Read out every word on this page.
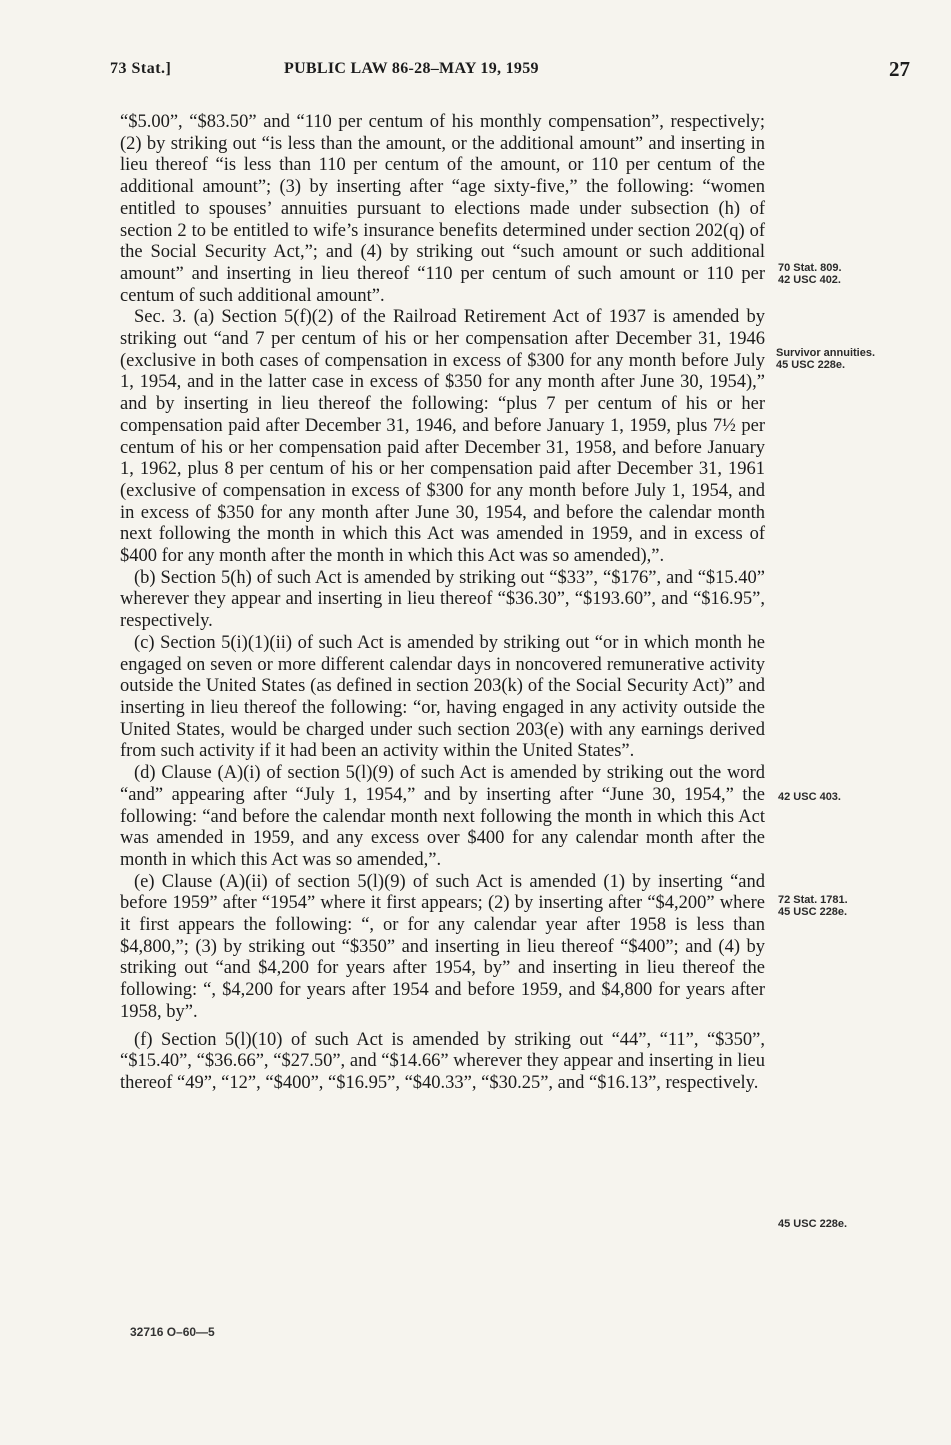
73 Stat.]	PUBLIC LAW 86-28–MAY 19, 1959	27

“$5.00”, “$83.50” and “110 per centum of his monthly compensation”, respectively; (2) by striking out “is less than the amount, or the additional amount” and inserting in lieu thereof “is less than 110 per centum of the amount, or 110 per centum of the additional amount”; (3) by inserting after “age sixty-five,” the following: “women entitled to spouses’ annuities pursuant to elections made under subsection (h) of section 2 to be entitled to wife’s insurance benefits determined under section 202(q) of the Social Security Act,”; and (4) by striking out “such amount or such additional amount” and inserting in lieu thereof “110 per centum of such amount or 110 per centum of such additional amount”.

Sec. 3. (a) Section 5(f)(2) of the Railroad Retirement Act of 1937 is amended by striking out “and 7 per centum of his or her compensation after December 31, 1946 (exclusive in both cases of compensation in excess of $300 for any month before July 1, 1954, and in the latter case in excess of $350 for any month after June 30, 1954),” and by inserting in lieu thereof the following: “plus 7 per centum of his or her compensation paid after December 31, 1946, and before January 1, 1959, plus 7½ per centum of his or her compensation paid after December 31, 1958, and before January 1, 1962, plus 8 per centum of his or her compensation paid after December 31, 1961 (exclusive of compensation in excess of $300 for any month before July 1, 1954, and in excess of $350 for any month after June 30, 1954, and before the calendar month next following the month in which this Act was amended in 1959, and in excess of $400 for any month after the month in which this Act was so amended),”.

(b) Section 5(h) of such Act is amended by striking out “$33”, “$176”, and “$15.40” wherever they appear and inserting in lieu thereof “$36.30”, “$193.60”, and “$16.95”, respectively.

(c) Section 5(i)(1)(ii) of such Act is amended by striking out “or in which month he engaged on seven or more different calendar days in noncovered remunerative activity outside the United States (as defined in section 203(k) of the Social Security Act)” and inserting in lieu thereof the following: “or, having engaged in any activity outside the United States, would be charged under such section 203(e) with any earnings derived from such activity if it had been an activity within the United States”.

(d) Clause (A)(i) of section 5(l)(9) of such Act is amended by striking out the word “and” appearing after “July 1, 1954,” and by inserting after “June 30, 1954,” the following: “and before the calendar month next following the month in which this Act was amended in 1959, and any excess over $400 for any calendar month after the month in which this Act was so amended,”.

(e) Clause (A)(ii) of section 5(l)(9) of such Act is amended (1) by inserting “and before 1959” after “1954” where it first appears; (2) by inserting after “$4,200” where it first appears the following: “, or for any calendar year after 1958 is less than $4,800,”; (3) by striking out “$350” and inserting in lieu thereof “$400”; and (4) by striking out “and $4,200 for years after 1954, by” and inserting in lieu thereof the following: “, $4,200 for years after 1954 and before 1959, and $4,800 for years after 1958, by”.

(f) Section 5(l)(10) of such Act is amended by striking out “44”, “11”, “$350”, “$15.40”, “$36.66”, “$27.50”, and “$14.66” wherever they appear and inserting in lieu thereof “49”, “12”, “$400”, “$16.95”, “$40.33”, “$30.25”, and “$16.13”, respectively.

70 Stat. 809.
42 USC 402.
Survivor annuities.
45 USC 228e.
42 USC 403.
72 Stat. 1781.
45 USC 228e.
45 USC 228e.
32716 O–60—5
